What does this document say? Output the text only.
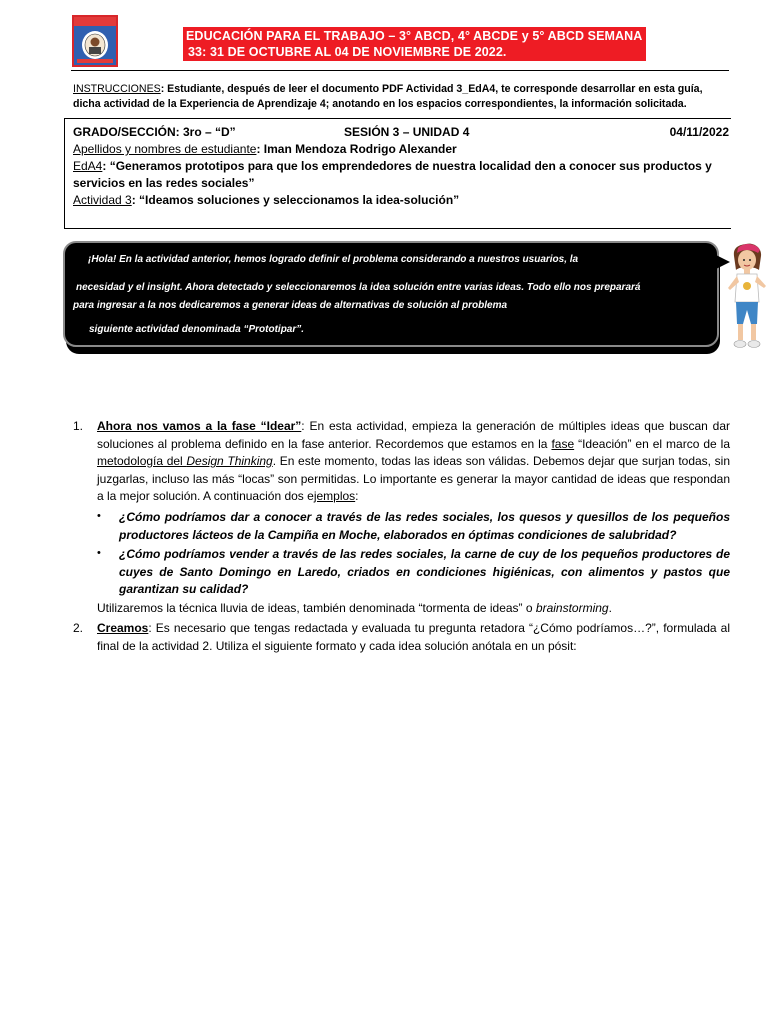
EDUCACIÓN PARA EL TRABAJO – 3° ABCD, 4° ABCDE y 5° ABCD SEMANA
33: 31 DE OCTUBRE AL 04 DE NOVIEMBRE DE 2022.
INSTRUCCIONES: Estudiante, después de leer el documento PDF Actividad 3_EdA4, te corresponde desarrollar en esta guía,
dicha actividad de la Experiencia de Aprendizaje 4; anotando en los espacios correspondientes, la información solicitada.
GRADO/SECCIÓN: 3ro – “D”	SESIÓN 3 – UNIDAD 4	04/11/2022
Apellidos y nombres de estudiante: Iman Mendoza Rodrigo Alexander
EdA4: “Generamos prototipos para que los emprendedores de nuestra localidad den a conocer sus productos y servicios en las redes sociales”
Actividad 3: “Ideamos soluciones y seleccionamos la idea-solución”
¡Hola! En la actividad anterior, hemos logrado definir el problema considerando a nuestros usuarios, la
necesidad y el insight. Ahora detectado y seleccionaremos la idea solución entre varias ideas. Todo ello nos preparará
para ingresar a la nos dedicaremos a generar ideas de alternativas de solución al problema
siguiente actividad denominada “Prototipar”.
1. Ahora nos vamos a la fase “Idear”: En esta actividad, empieza la generación de múltiples ideas que buscan dar soluciones al problema definido en la fase anterior. Recordemos que estamos en la fase “Ideación” en el marco de la metodología del Design Thinking. En este momento, todas las ideas son válidas. Debemos dejar que surjan todas, sin juzgarlas, incluso las más “locas” son permitidas. Lo importante es generar la mayor cantidad de ideas que respondan a la mejor solución. A continuación dos ejemplos:
• ¿Cómo podríamos dar a conocer a través de las redes sociales, los quesos y quesillos de los pequeños productores lácteos de la Campiña en Moche, elaborados en óptimas condiciones de salubridad?
• ¿Cómo podríamos vender a través de las redes sociales, la carne de cuy de los pequeños productores de cuyes de Santo Domingo en Laredo, criados en condiciones higiénicas, con alimentos y pastos que garantizan su calidad?
Utilizaremos la técnica lluvia de ideas, también denominada “tormenta de ideas” o brainstorming.
2. Creamos: Es necesario que tengas redactada y evaluada tu pregunta retadora “¿Cómo podríamos…?”, formulada al final de la actividad 2. Utiliza el siguiente formato y cada idea solución anótala en un pósit:
